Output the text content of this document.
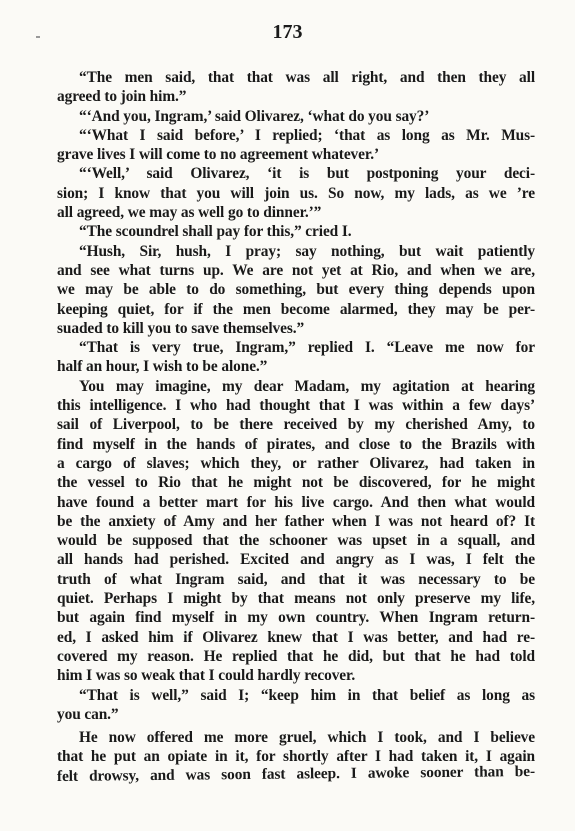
173
“The men said, that that was all right, and then they all
agreed to join him.”
“‘And you, Ingram,’ said Olivarez, ‘what do you say?’
“‘What I said before,’ I replied; ‘that as long as Mr. Mus-
grave lives I will come to no agreement whatever.’
“‘Well,’ said Olivarez, ‘it is but postponing your deci-
sion; I know that you will join us. So now, my lads, as we ’re
all agreed, we may as well go to dinner.’”
“The scoundrel shall pay for this,” cried I.
“Hush, Sir, hush, I pray; say nothing, but wait patiently
and see what turns up. We are not yet at Rio, and when we are,
we may be able to do something, but every thing depends upon
keeping quiet, for if the men become alarmed, they may be per-
suaded to kill you to save themselves.”
“That is very true, Ingram,” replied I. “Leave me now for
half an hour, I wish to be alone.”
You may imagine, my dear Madam, my agitation at hearing
this intelligence. I who had thought that I was within a few days’
sail of Liverpool, to be there received by my cherished Amy, to
find myself in the hands of pirates, and close to the Brazils with
a cargo of slaves; which they, or rather Olivarez, had taken in
the vessel to Rio that he might not be discovered, for he might
have found a better mart for his live cargo. And then what would
be the anxiety of Amy and her father when I was not heard of? It
would be supposed that the schooner was upset in a squall, and
all hands had perished. Excited and angry as I was, I felt the
truth of what Ingram said, and that it was necessary to be
quiet. Perhaps I might by that means not only preserve my life,
but again find myself in my own country. When Ingram return-
ed, I asked him if Olivarez knew that I was better, and had re-
covered my reason. He replied that he did, but that he had told
him I was so weak that I could hardly recover.
“That is well,” said I; “keep him in that belief as long as
you can.”
He now offered me more gruel, which I took, and I believe
that he put an opiate in it, for shortly after I had taken it, I again
felt drowsy, and was soon fast asleep. I awoke sooner than be-
